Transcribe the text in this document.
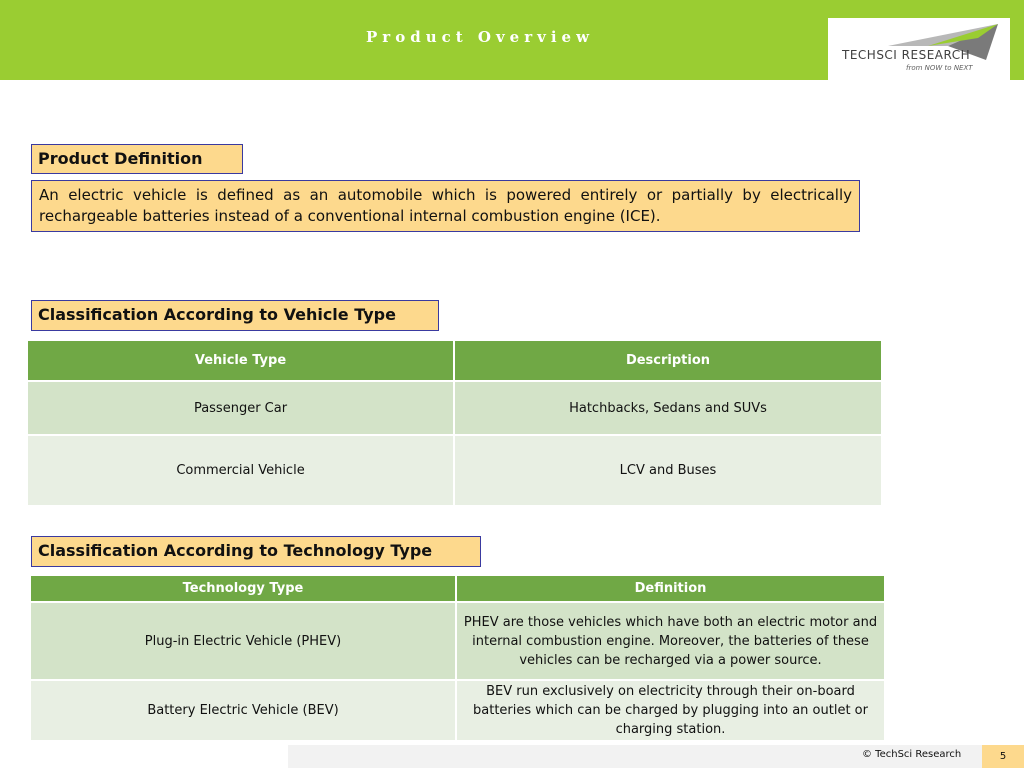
Product Overview
TECHSCI RESEARCH
from NOW to NEXT
Product Definition
An electric vehicle is defined as an automobile which is powered entirely or partially by electrically rechargeable batteries instead of a conventional internal combustion engine (ICE).
Classification According to Vehicle Type
Vehicle Type	Description
Passenger Car	Hatchbacks, Sedans and SUVs
Commercial Vehicle	LCV and Buses
Classification According to Technology Type
Technology Type	Definition
Plug-in Electric Vehicle (PHEV)	PHEV are those vehicles which have both an electric motor and internal combustion engine. Moreover, the batteries of these vehicles can be recharged via a power source.
Battery Electric Vehicle (BEV)	BEV run exclusively on electricity through their on-board batteries which can be charged by plugging into an outlet or charging station.
© TechSci Research	5
